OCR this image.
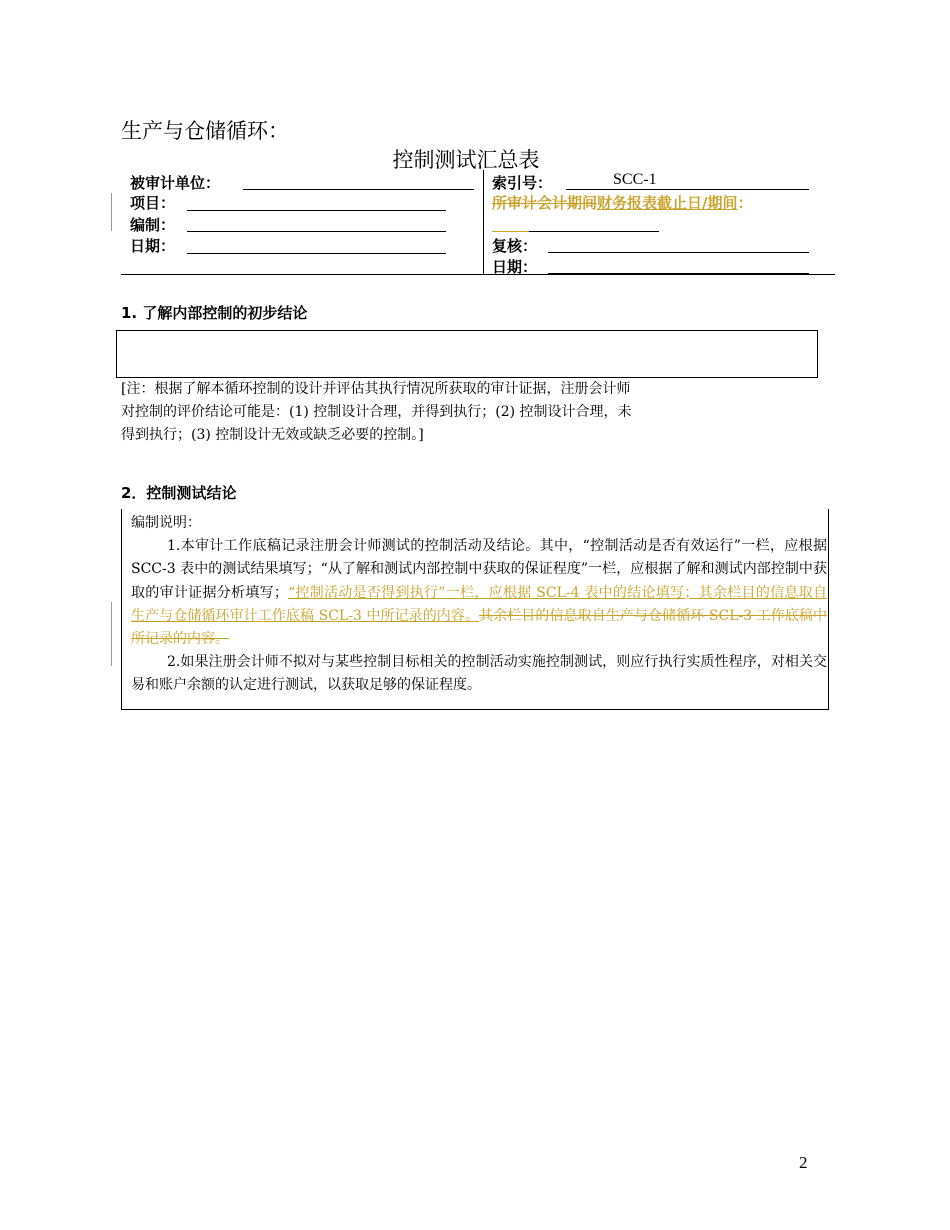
生产与仓储循环：
控制测试汇总表
被审计单位：
项目：
编制：
日期：
索引号：	SCC-1
所审计会计期间财务报表截止日/期间：
复核：
日期：
1. 了解内部控制的初步结论
[注：根据了解本循环控制的设计并评估其执行情况所获取的审计证据，注册会计师
对控制的评价结论可能是：(1) 控制设计合理，并得到执行；(2) 控制设计合理，未
得到执行；(3) 控制设计无效或缺乏必要的控制。]
2．控制测试结论
编制说明：
1.本审计工作底稿记录注册会计师测试的控制活动及结论。其中，“控制活动是否有效运行”一栏，应根据 SCC-3 表中的测试结果填写；“从了解和测试内部控制中获取的保证程度”一栏，应根据了解和测试内部控制中获取的审计证据分析填写；“控制活动是否得到执行”一栏，应根据 SCL-4 表中的结论填写；其余栏目的信息取自生产与仓储循环审计工作底稿 SCL-3 中所记录的内容。其余栏目的信息取自生产与仓储循环 SCL-3 工作底稿中所记录的内容。
2.如果注册会计师不拟对与某些控制目标相关的控制活动实施控制测试，则应行执行实质性程序，对相关交易和账户余额的认定进行测试，以获取足够的保证程度。
2
